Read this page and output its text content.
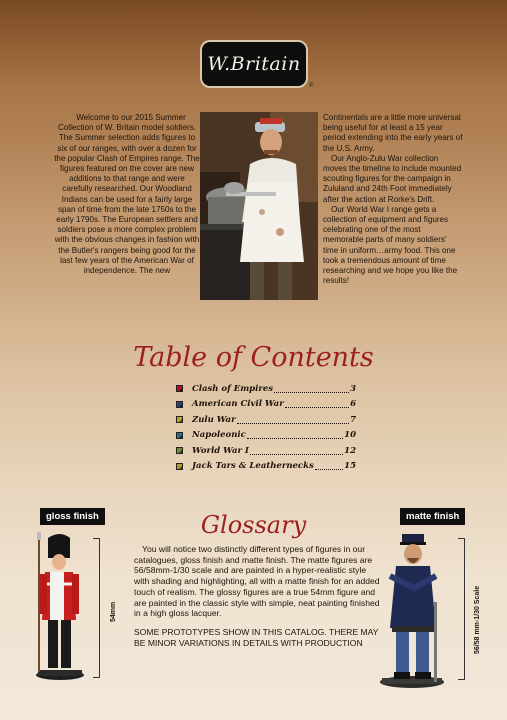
W.Britain
®

Welcome to our 2015 Summer Collection of W. Britain model soldiers. The Summer selection adds figures to six of our ranges, with over a dozen for the popular Clash of Empires range. The figures featured on the cover are new additions to that range and were carefully researched. Our Woodland Indians can be used for a fairly large span of time from the late 1750s to the early 1790s. The European settlers and soldiers pose a more complex problem with the obvious changes in fashion with the Butler's rangers being good for the last few years of the American War of independence. The new

Continentals are a little more universal being useful for at least a 15 year period extending into the early years of the U.S. Army.

Our Anglo-Zulu War collection moves the timeline to include mounted scouting figures for the campaign in Zululand and 24th Foot immediately after the action at Rorke's Drift.

Our World War I range gets a collection of equipment and figures celebrating one of the most memorable parts of many soldiers' time in uniform…army food. This one took a tremendous amount of time researching and we hope you like the results!

Table of Contents
Clash of Empires	3
American Civil War	6
Zulu War	7
Napoleonic	10
World War I	12
Jack Tars & Leathernecks	15
gloss finish	matte finish
Glossary

You will notice two distinctly different types of figures in our catalogues, gloss finish and matte finish. The matte figures are 56/58mm-1/30 scale and are painted in a hyper-realistic style with shading and highlighting, all with a matte finish for an added touch of realism. The glossy figures are a true 54mm figure and are painted in the classic style with simple, neat painting finished in a high gloss lacquer.

SOME PROTOTYPES SHOW IN THIS CATALOG. THERE MAY BE MINOR VARIATIONS IN DETAILS WITH PRODUCTION

54mm	56/58 mm-1/30 Scale
